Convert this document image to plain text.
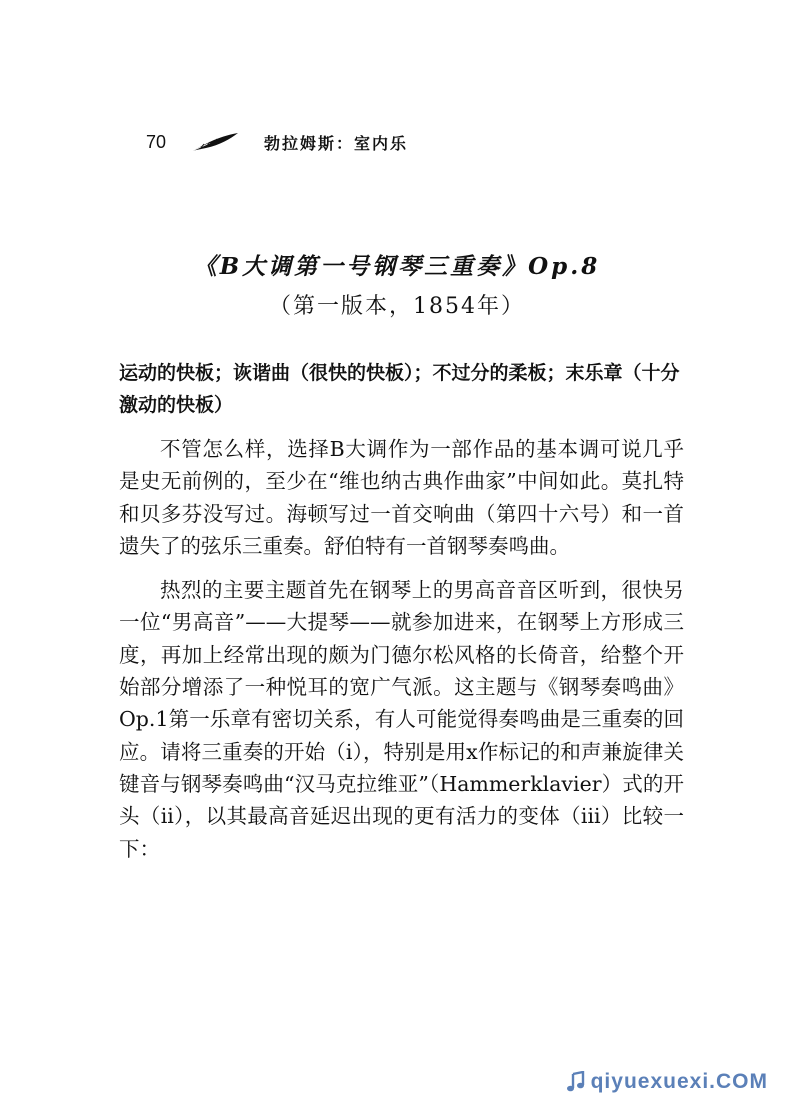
70	勃拉姆斯：室内乐
《B大调第一号钢琴三重奏》Op.8
（第一版本，1854年）

运动的快板；诙谐曲（很快的快板）；不过分的柔板；末乐章（十分激动的快板）

不管怎么样，选择B大调作为一部作品的基本调可说几乎是史无前例的，至少在“维也纳古典作曲家”中间如此。莫扎特和贝多芬没写过。海顿写过一首交响曲（第四十六号）和一首遗失了的弦乐三重奏。舒伯特有一首钢琴奏鸣曲。

热烈的主要主题首先在钢琴上的男高音音区听到，很快另一位“男高音”——大提琴——就参加进来，在钢琴上方形成三度，再加上经常出现的颇为门德尔松风格的长倚音，给整个开始部分增添了一种悦耳的宽广气派。这主题与《钢琴奏鸣曲》Op.1第一乐章有密切关系，有人可能觉得奏鸣曲是三重奏的回应。请将三重奏的开始（i），特别是用x作标记的和声兼旋律关键音与钢琴奏鸣曲“汉马克拉维亚”（Hammerklavier）式的开头（ii），以其最高音延迟出现的更有活力的变体（iii）比较一下：

qiyuexuexi.COM
